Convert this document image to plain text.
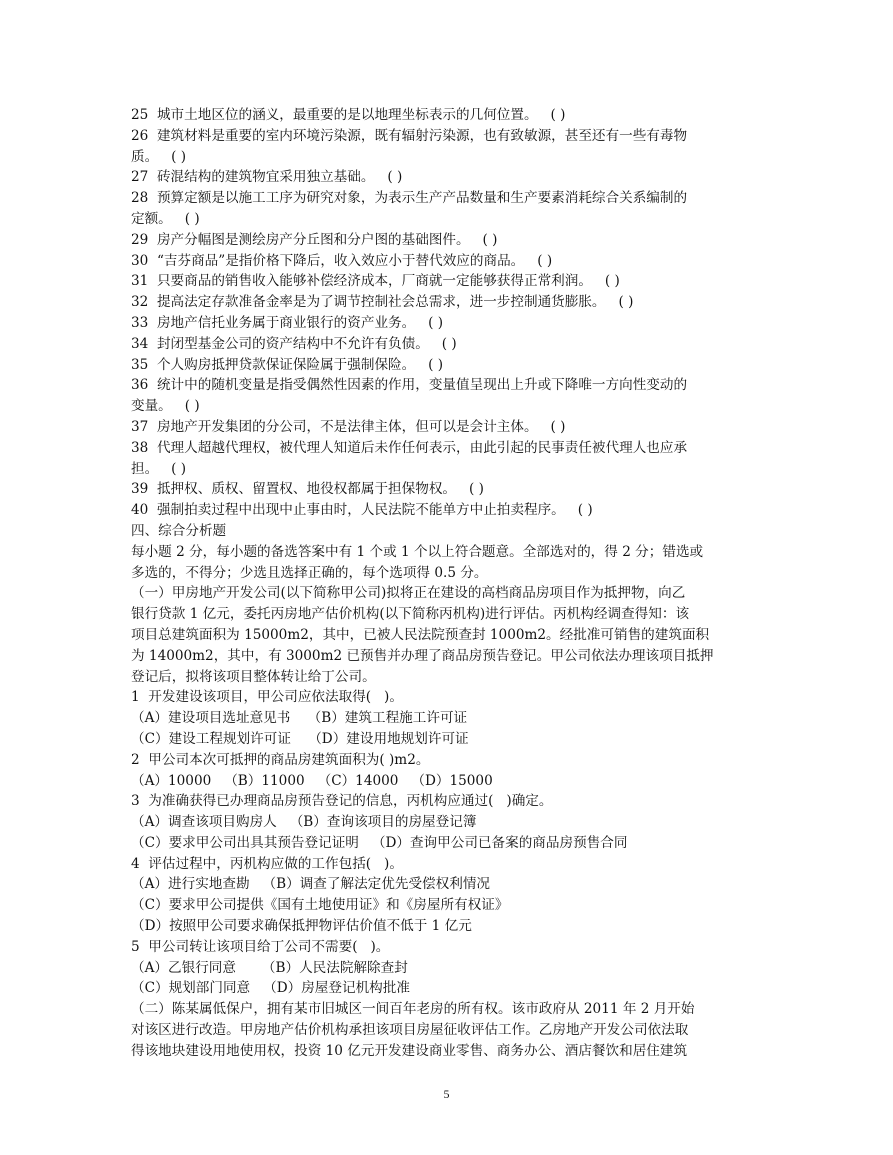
25  城市土地区位的涵义，最重要的是以地理坐标表示的几何位置。   ( )
26  建筑材料是重要的室内环境污染源，既有辐射污染源，也有致敏源，甚至还有一些有毒物
质。   ( )
27  砖混结构的建筑物宜采用独立基础。   ( )
28  预算定额是以施工工序为研究对象，为表示生产产品数量和生产要素消耗综合关系编制的
定额。   ( )
29  房产分幅图是测绘房产分丘图和分户图的基础图件。   ( )
30  “吉芬商品”是指价格下降后，收入效应小于替代效应的商品。   ( )
31  只要商品的销售收入能够补偿经济成本，厂商就一定能够获得正常利润。   ( )
32  提高法定存款准备金率是为了调节控制社会总需求，进一步控制通货膨胀。   ( )
33  房地产信托业务属于商业银行的资产业务。   ( )
34  封闭型基金公司的资产结构中不允许有负债。   ( )
35  个人购房抵押贷款保证保险属于强制保险。   ( )
36  统计中的随机变量是指受偶然性因素的作用，变量值呈现出上升或下降唯一方向性变动的
变量。   ( )
37  房地产开发集团的分公司，不是法律主体，但可以是会计主体。   ( )
38  代理人超越代理权，被代理人知道后未作任何表示，由此引起的民事责任被代理人也应承
担。   ( )
39  抵押权、质权、留置权、地役权都属于担保物权。   ( )
40  强制拍卖过程中出现中止事由时，人民法院不能单方中止拍卖程序。   ( )
四、综合分析题
每小题 2 分，每小题的备选答案中有 1 个或 1 个以上符合题意。全部选对的，得 2 分；错选或
多选的，不得分；少选且选择正确的，每个选项得 0.5 分。
（一）甲房地产开发公司(以下简称甲公司)拟将正在建设的高档商品房项目作为抵押物，向乙
银行贷款 1 亿元，委托丙房地产估价机构(以下简称丙机构)进行评估。丙机构经调查得知：该
项目总建筑面积为 15000m2，其中，已被人民法院预查封 1000m2。经批准可销售的建筑面积
为 14000m2，其中，有 3000m2 已预售并办理了商品房预告登记。甲公司依法办理该项目抵押
登记后，拟将该项目整体转让给丁公司。
1  开发建设该项目，甲公司应依法取得(   )。
（A）建设项目选址意见书    （B）建筑工程施工许可证
（C）建设工程规划许可证    （D）建设用地规划许可证
2  甲公司本次可抵押的商品房建筑面积为( )m2。
（A）10000   （B）11000   （C）14000   （D）15000
3  为准确获得已办理商品房预告登记的信息，丙机构应通过(   )确定。
（A）调查该项目购房人   （B）查询该项目的房屋登记簿
（C）要求甲公司出具其预告登记证明   （D）查询甲公司已备案的商品房预售合同
4  评估过程中，丙机构应做的工作包括(   )。
（A）进行实地查勘   （B）调查了解法定优先受偿权利情况
（C）要求甲公司提供《国有土地使用证》和《房屋所有权证》
（D）按照甲公司要求确保抵押物评估价值不低于 1 亿元
5  甲公司转让该项目给丁公司不需要(   )。
（A）乙银行同意      （B）人民法院解除查封
（C）规划部门同意   （D）房屋登记机构批准
（二）陈某属低保户，拥有某市旧城区一间百年老房的所有权。该市政府从 2011 年 2 月开始
对该区进行改造。甲房地产估价机构承担该项目房屋征收评估工作。乙房地产开发公司依法取
得该地块建设用地使用权，投资 10 亿元开发建设商业零售、商务办公、酒店餐饮和居住建筑
5
